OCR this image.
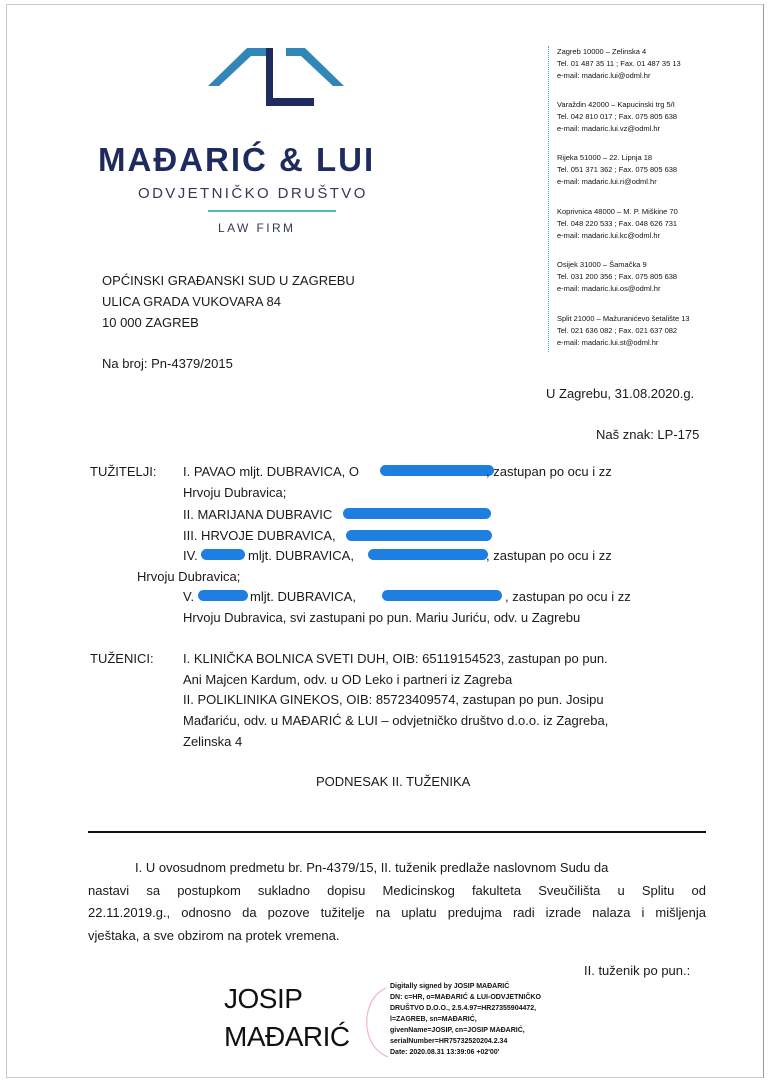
MAĐARIĆ & LUI
ODVJETNIČKO DRUŠTVO
LAW FIRM
Zagreb 10000 – Zelinska 4
Tel. 01 487 35 11 ; Fax. 01 487 35 13
e-mail: madaric.lui@odml.hr
Varaždin 42000 – Kapucinski trg 5/I
Tel. 042 810 017 ; Fax. 075 805 638
e-mail: madaric.lui.vz@odml.hr
Rijeka 51000 – 22. Lipnja 18
Tel. 051 371 362 ; Fax. 075 805 638
e-mail: madaric.lui.ri@odml.hr
Koprivnica 48000 – M. P. Miškine 70
Tel. 048 220 533 ; Fax. 048 626 731
e-mail: madaric.lui.kc@odml.hr
Osijek 31000 – Šamačka 9
Tel. 031 200 356 ; Fax. 075 805 638
e-mail: madaric.lui.os@odml.hr
Split 21000 – Mažuranićevo šetalište 13
Tel. 021 636 082 ; Fax. 021 637 082
e-mail: madaric.lui.st@odml.hr
OPĆINSKI GRAĐANSKI SUD U ZAGREBU
ULICA GRADA VUKOVARA 84
10 000 ZAGREB
Na broj: Pn-4379/2015
U Zagrebu, 31.08.2020.g.
Naš znak: LP-175
TUŽITELJI: I. PAVAO mljt. DUBRAVICA, O	, zastupan po ocu i zz
Hrvoju Dubravica;
II. MARIJANA DUBRAVIC
III. HRVOJE DUBRAVICA,
IV.	mljt. DUBRAVICA,	, zastupan po ocu i zz
Hrvoju Dubravica;
V.	mljt. DUBRAVICA,	, zastupan po ocu i zz
Hrvoju Dubravica, svi zastupani po pun. Mariu Juriću, odv. u Zagrebu
TUŽENICI: I. KLINIČKA BOLNICA SVETI DUH, OIB: 65119154523, zastupan po pun.
Ani Majcen Kardum, odv. u OD Leko i partneri iz Zagreba
II. POLIKLINIKA GINEKOS, OIB: 85723409574, zastupan po pun. Josipu
Mađariću, odv. u MAĐARIĆ & LUI – odvjetničko društvo d.o.o. iz Zagreba,
Zelinska 4
PODNESAK II. TUŽENIKA
I. U ovosudnom predmetu br. Pn-4379/15, II. tuženik predlaže naslovnom Sudu da
nastavi sa postupkom sukladno dopisu Medicinskog fakulteta Sveučilišta u Splitu od
22.11.2019.g., odnosno da pozove tužitelje na uplatu predujma radi izrade nalaza i mišljenja
vještaka, a sve obzirom na protek vremena.
II. tuženik po pun.:
JOSIP
MAĐARIĆ
Digitally signed by JOSIP MAĐARIĆ
DN: c=HR, o=MAĐARIĆ & LUI-ODVJETNIČKO
DRUŠTVO D.O.O., 2.5.4.97=HR27355904472,
l=ZAGREB, sn=MAĐARIĆ,
givenName=JOSIP, cn=JOSIP MAĐARIĆ,
serialNumber=HR75732520204.2.34
Date: 2020.08.31 13:39:06 +02'00'
